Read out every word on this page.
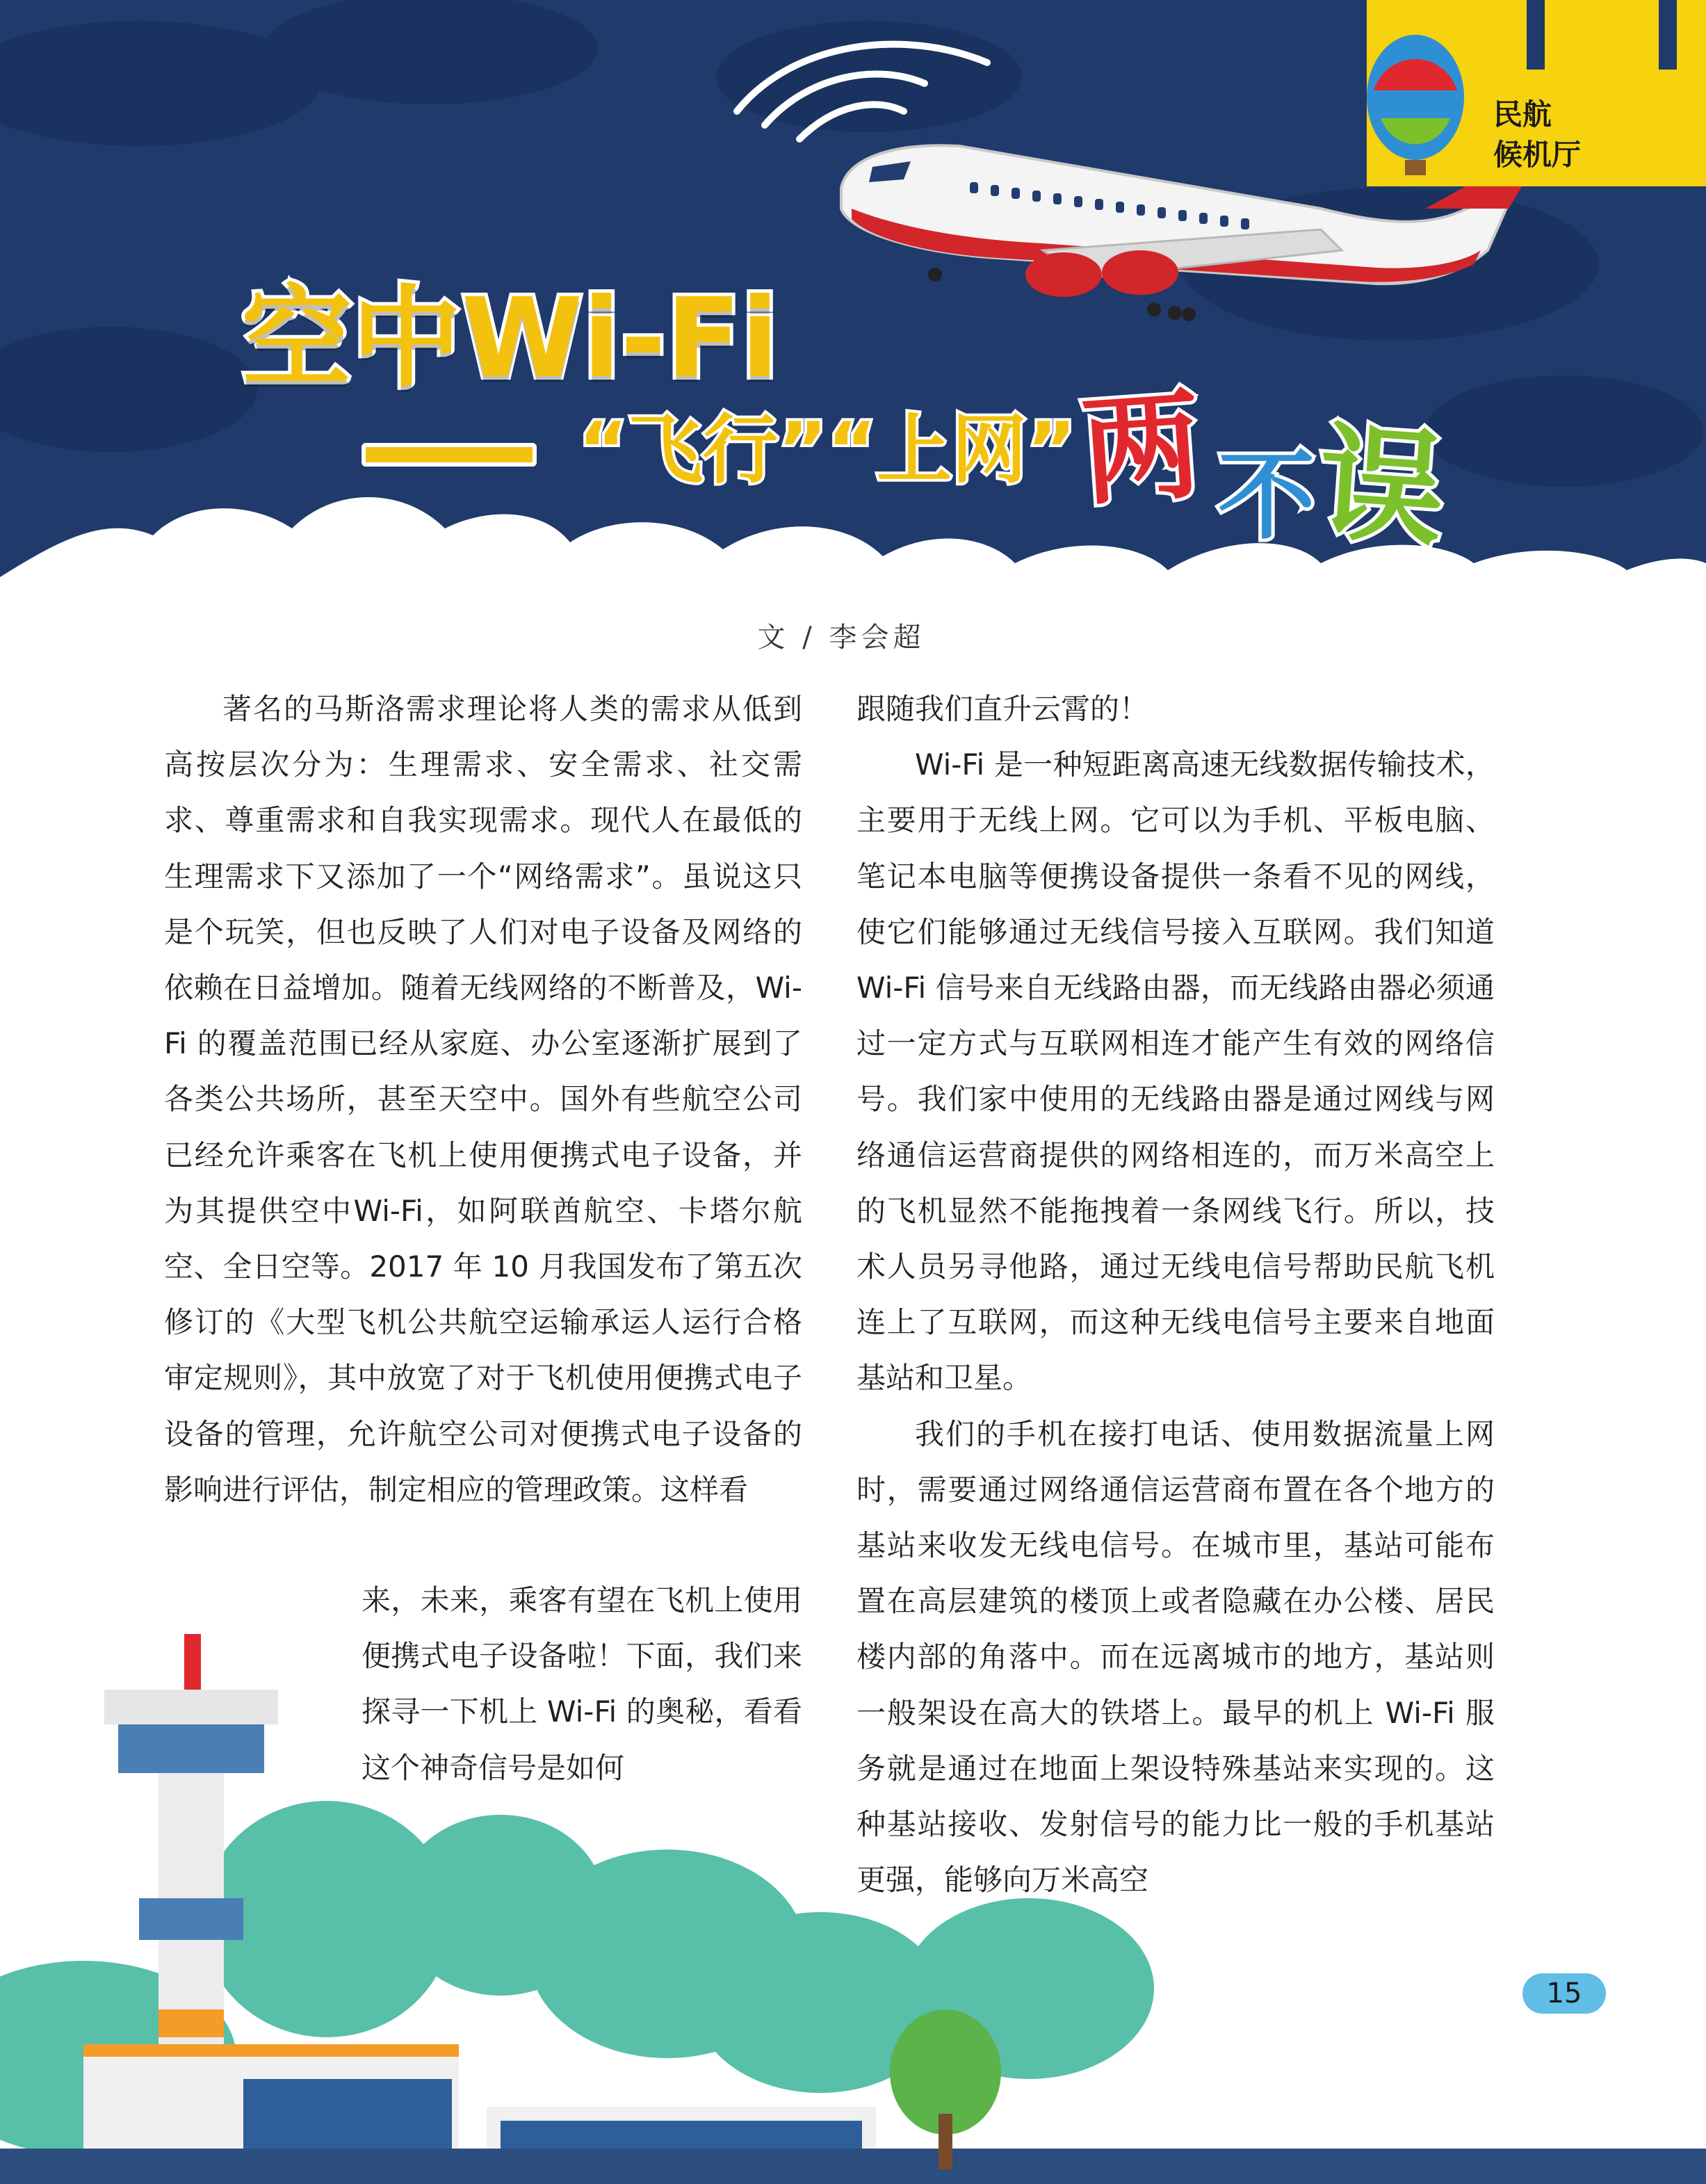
民航
候机厅
空中Wi-Fi
“飞行”“上网” 两 不
误
文 / 李会超

著名的马斯洛需求理论将人类的需求从低到高按层次分为：生理需求、安全需求、社交需求、尊重需求和自我实现需求。现代人在最低的生理需求下又添加了一个“网络需求”。虽说这只是个玩笑，但也反映了人们对电子设备及网络的依赖在日益增加。随着无线网络的不断普及，Wi-Fi 的覆盖范围已经从家庭、办公室逐渐扩展到了各类公共场所，甚至天空中。国外有些航空公司已经允许乘客在飞机上使用便携式电子设备，并为其提供空中Wi-Fi，如阿联酋航空、卡塔尔航空、全日空等。2017 年 10 月我国发布了第五次修订的《大型飞机公共航空运输承运人运行合格审定规则》，其中放宽了对于飞机使用便携式电子设备的管理，允许航空公司对便携式电子设备的影响进行评估，制定相应的管理政策。这样看

来，未来，乘客有望在飞机上使用便携式电子设备啦！下面，我们来探寻一下机上 Wi-Fi 的奥秘，看看这个神奇信号是如何

跟随我们直升云霄的！

Wi-Fi 是一种短距离高速无线数据传输技术，主要用于无线上网。它可以为手机、平板电脑、笔记本电脑等便携设备提供一条看不见的网线，使它们能够通过无线信号接入互联网。我们知道 Wi-Fi 信号来自无线路由器，而无线路由器必须通过一定方式与互联网相连才能产生有效的网络信号。我们家中使用的无线路由器是通过网线与网络通信运营商提供的网络相连的，而万米高空上的飞机显然不能拖拽着一条网线飞行。所以，技术人员另寻他路，通过无线电信号帮助民航飞机连上了互联网，而这种无线电信号主要来自地面基站和卫星。

我们的手机在接打电话、使用数据流量上网时，需要通过网络通信运营商布置在各个地方的基站来收发无线电信号。在城市里，基站可能布置在高层建筑的楼顶上或者隐藏在办公楼、居民楼内部的角落中。而在远离城市的地方，基站则一般架设在高大的铁塔上。最早的机上 Wi-Fi 服务就是通过在地面上架设特殊基站来实现的。这种基站接收、发射信号的能力比一般的手机基站更强，能够向万米高空

15
